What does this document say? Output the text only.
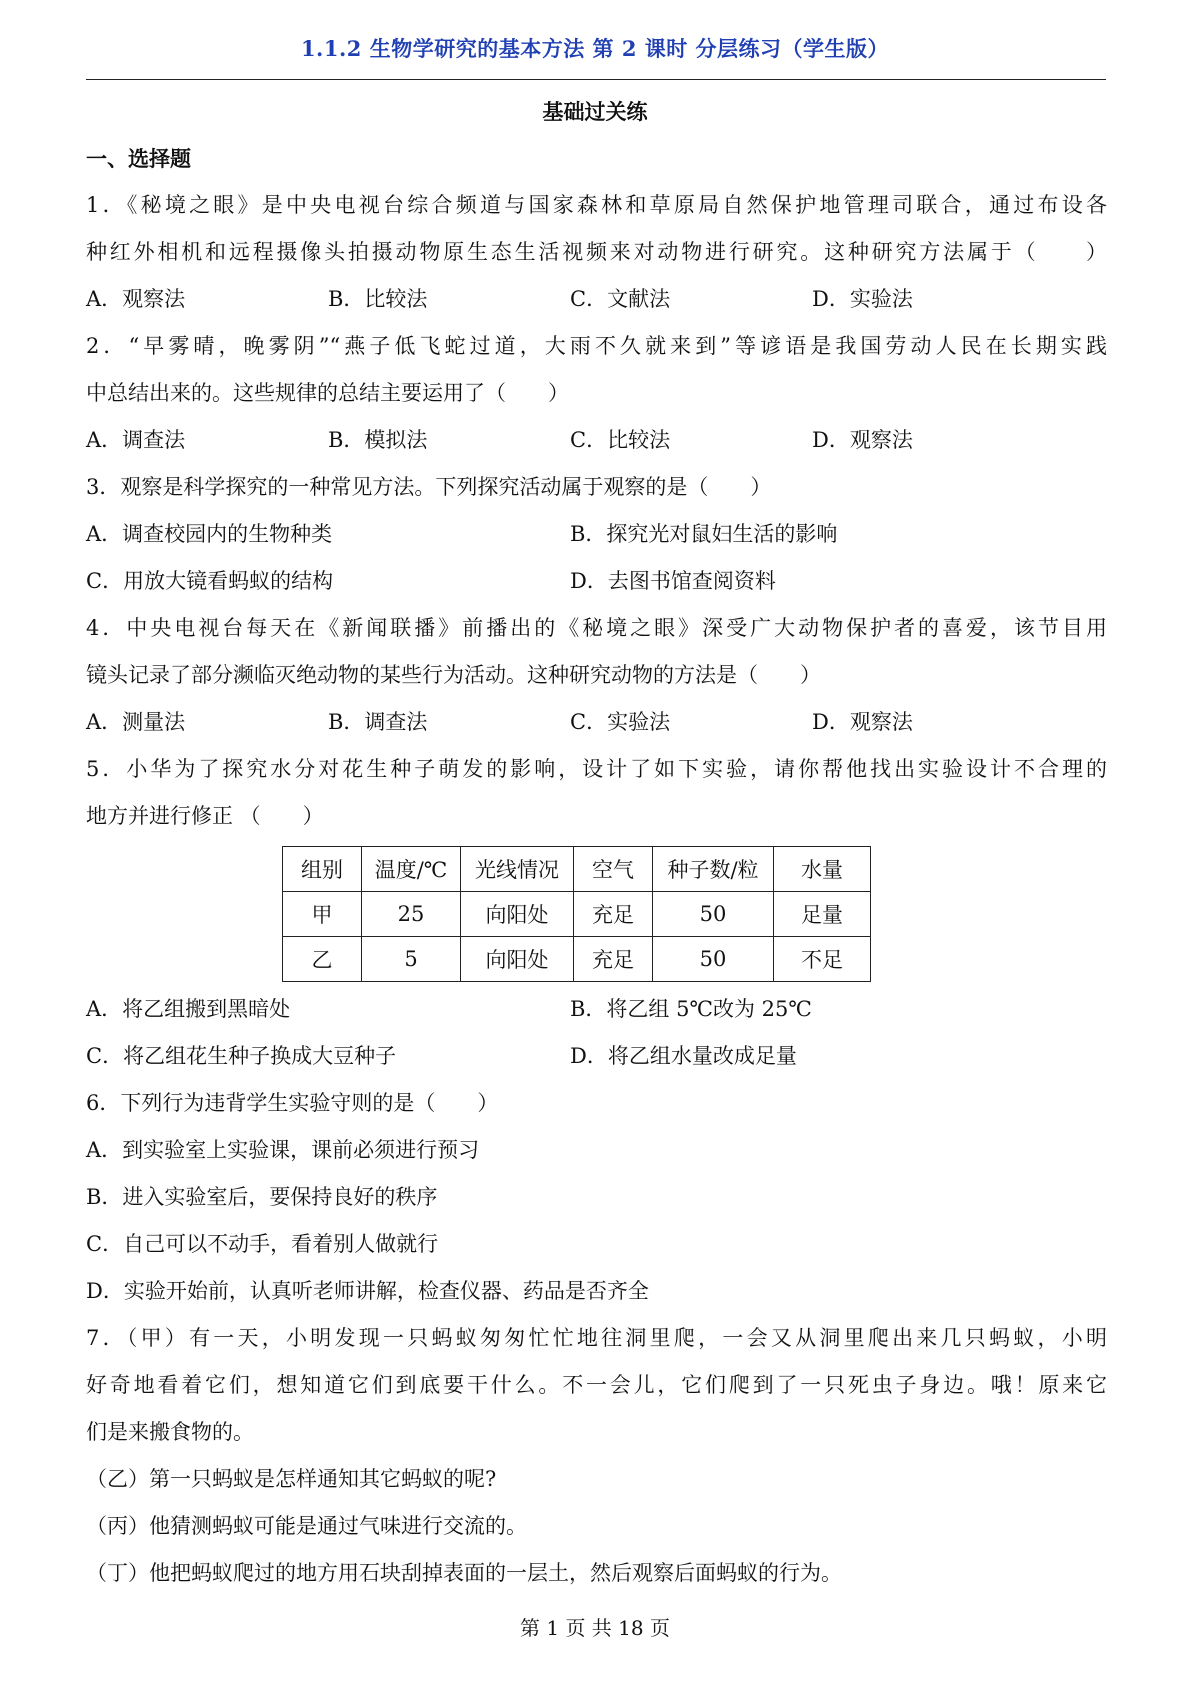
1.1.2 生物学研究的基本方法 第 2 课时 分层练习（学生版）
基础过关练
一、选择题
1．《秘境之眼》是中央电视台综合频道与国家森林和草原局自然保护地管理司联合，通过布设各
种红外相机和远程摄像头拍摄动物原生态生活视频来对动物进行研究。这种研究方法属于（　　）
A．观察法	B．比较法	C．文献法	D．实验法
2．“早雾晴，晚雾阴”“燕子低飞蛇过道，大雨不久就来到”等谚语是我国劳动人民在长期实践
中总结出来的。这些规律的总结主要运用了（　　）
A．调查法	B．模拟法	C．比较法	D．观察法
3．观察是科学探究的一种常见方法。下列探究活动属于观察的是（　　）
A．调查校园内的生物种类	B．探究光对鼠妇生活的影响
C．用放大镜看蚂蚁的结构	D．去图书馆查阅资料
4．中央电视台每天在《新闻联播》前播出的《秘境之眼》深受广大动物保护者的喜爱，该节目用
镜头记录了部分濒临灭绝动物的某些行为活动。这种研究动物的方法是（　　）
A．测量法	B．调查法	C．实验法	D．观察法
5．小华为了探究水分对花生种子萌发的影响，设计了如下实验，请你帮他找出实验设计不合理的
地方并进行修正 （　　）
组别	温度/℃	光线情况	空气	种子数/粒	水量
甲	25	向阳处	充足	50	足量
乙	5	向阳处	充足	50	不足
A．将乙组搬到黑暗处	B．将乙组 5℃改为 25℃
C．将乙组花生种子换成大豆种子	D．将乙组水量改成足量
6．下列行为违背学生实验守则的是（　　）
A．到实验室上实验课，课前必须进行预习
B．进入实验室后，要保持良好的秩序
C．自己可以不动手，看着别人做就行
D．实验开始前，认真听老师讲解，检查仪器、药品是否齐全
7．（甲）有一天，小明发现一只蚂蚁匆匆忙忙地往洞里爬，一会又从洞里爬出来几只蚂蚁，小明
好奇地看着它们，想知道它们到底要干什么。不一会儿，它们爬到了一只死虫子身边。哦！原来它
们是来搬食物的。
（乙）第一只蚂蚁是怎样通知其它蚂蚁的呢?
（丙）他猜测蚂蚁可能是通过气味进行交流的。
（丁）他把蚂蚁爬过的地方用石块刮掉表面的一层土，然后观察后面蚂蚁的行为。
第 1 页 共 18 页
